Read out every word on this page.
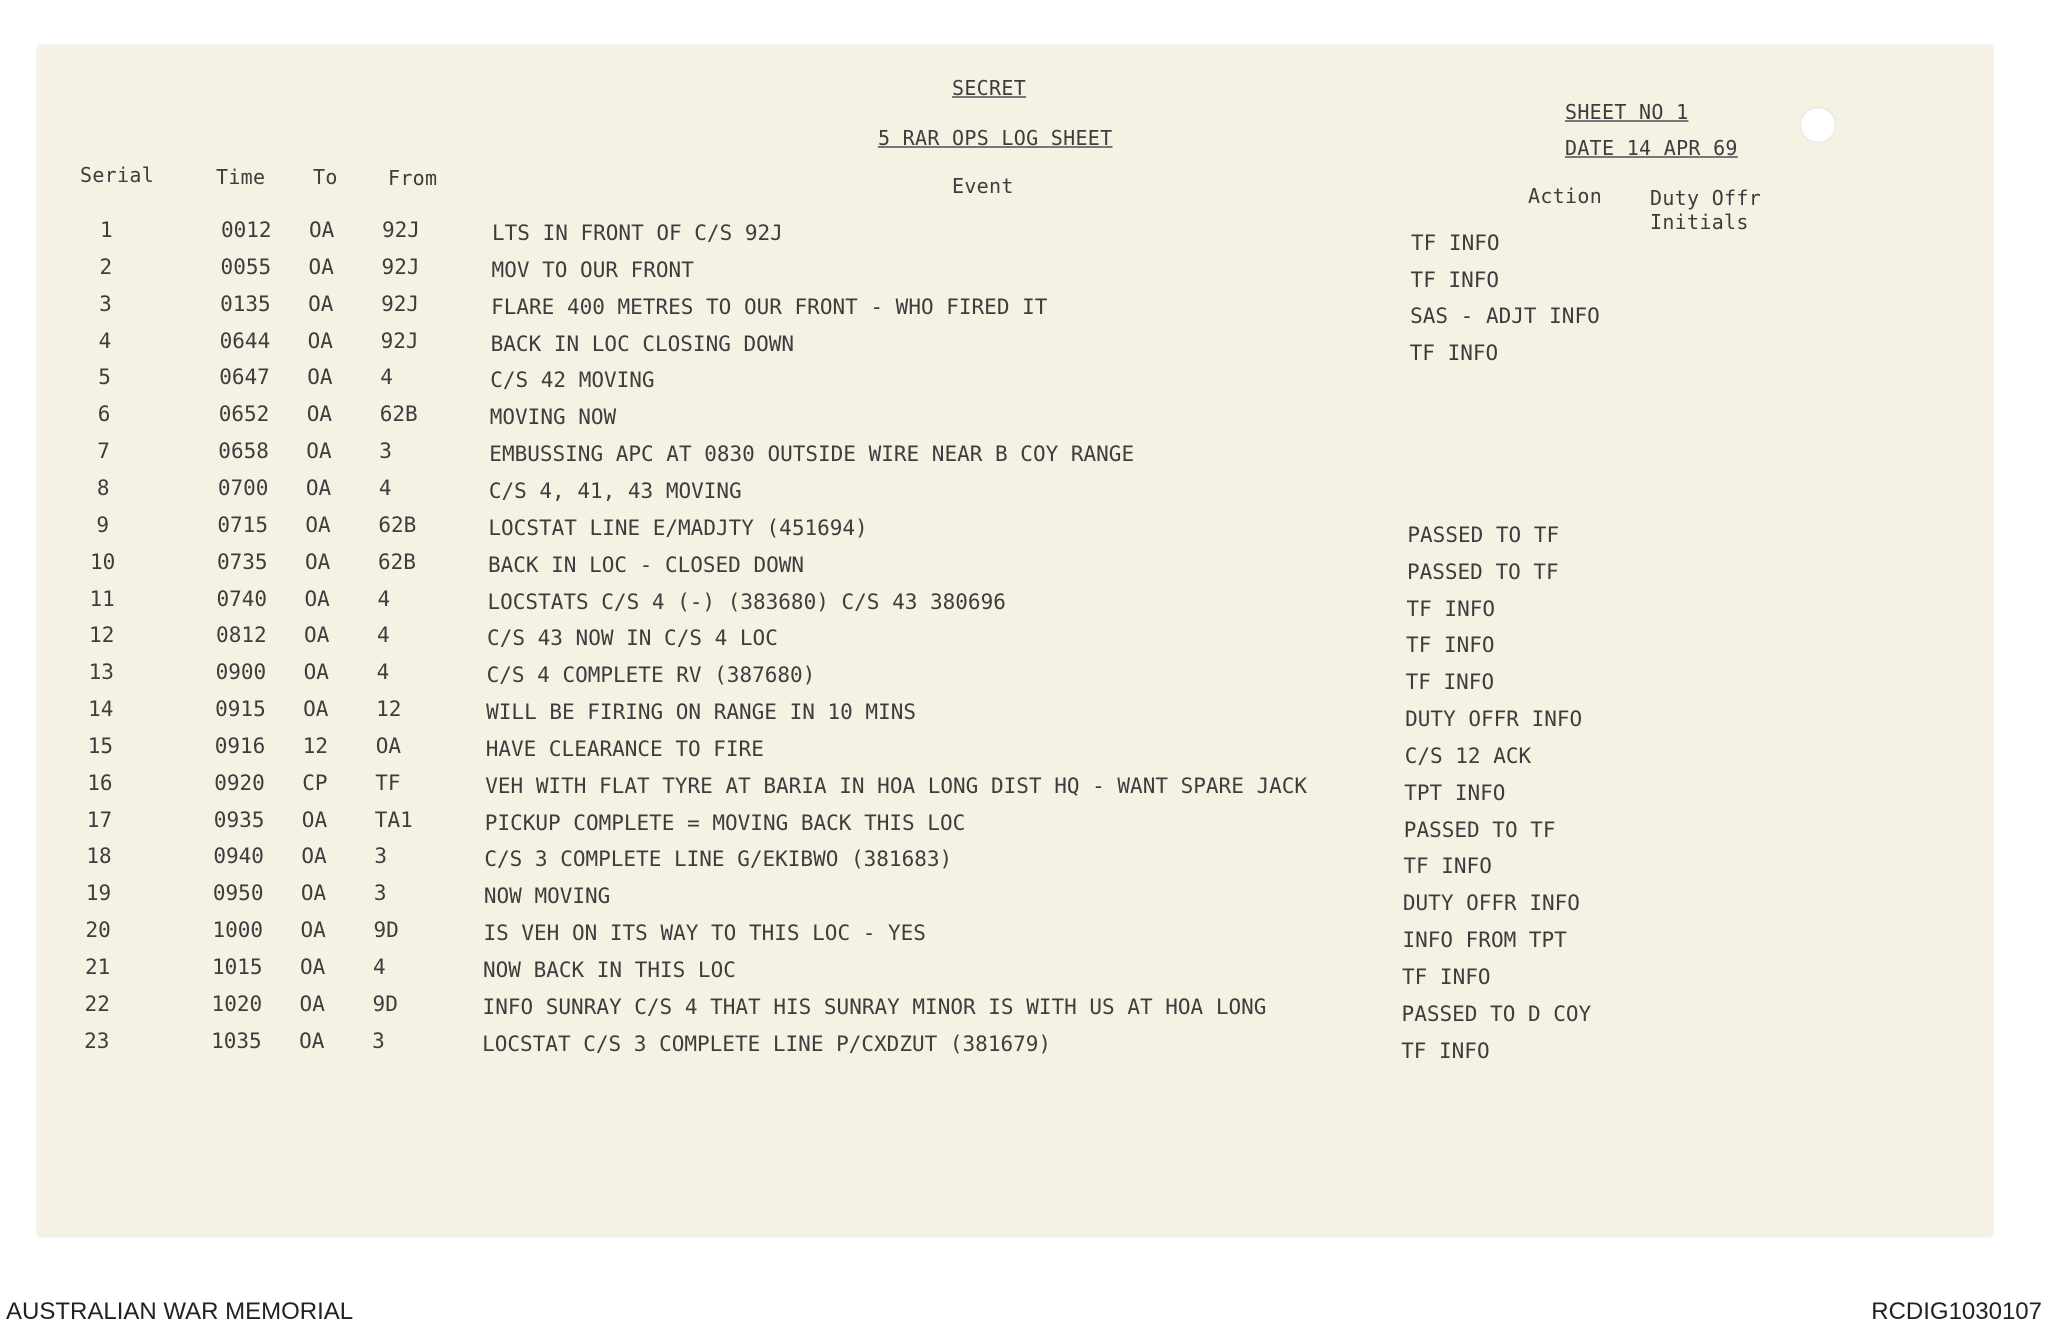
SECRET
5 RAR OPS LOG SHEET
SHEET NO 1
DATE 14 APR 69
Serial	Time To	From	Event	Action Duty Offr
Initials
1	0012 OA 92J	LTS IN FRONT OF C/S 92J	TF INFO
2	0055 OA 92J	MOV TO OUR FRONT	TF INFO
3	0135 OA 92J	FLARE 400 METRES TO OUR FRONT - WHO FIRED IT	SAS - ADJT INFO
4	0644 OA 92J	BACK IN LOC CLOSING DOWN	TF INFO
5	0647 OA 4	C/S 42 MOVING
6	0652 OA 62B	MOVING NOW
7	0658 OA 3	EMBUSSING APC AT 0830 OUTSIDE WIRE NEAR B COY RANGE
8	0700 OA 4	C/S 4, 41, 43 MOVING
9	0715 OA 62B	LOCSTAT LINE E/MADJTY (451694)	PASSED TO TF
10	0735 OA 62B	BACK IN LOC - CLOSED DOWN	PASSED TO TF
11	0740 OA 4	LOCSTATS C/S 4 (-) (383680) C/S 43 380696	TF INFO
12	0812 OA 4	C/S 43 NOW IN C/S 4 LOC	TF INFO
13	0900 OA 4	C/S 4 COMPLETE RV (387680)	TF INFO
14	0915 OA 12	WILL BE FIRING ON RANGE IN 10 MINS	DUTY OFFR INFO
15	0916 12 OA	HAVE CLEARANCE TO FIRE	C/S 12 ACK
16	0920 CP TF	VEH WITH FLAT TYRE AT BARIA IN HOA LONG DIST HQ - WANT SPARE JACK	TPT INFO
17	0935 OA TA1	PICKUP COMPLETE = MOVING BACK THIS LOC	PASSED TO TF
18	0940 OA 3	C/S 3 COMPLETE LINE G/EKIBWO (381683)	TF INFO
19	0950 OA 3	NOW MOVING	DUTY OFFR INFO
20	1000 OA 9D	IS VEH ON ITS WAY TO THIS LOC - YES	INFO FROM TPT
21	1015 OA 4	NOW BACK IN THIS LOC	TF INFO
22	1020 OA 9D	INFO SUNRAY C/S 4 THAT HIS SUNRAY MINOR IS WITH US AT HOA LONG	PASSED TO D COY
23	1035 OA 3	LOCSTAT C/S 3 COMPLETE LINE P/CXDZUT (381679)	TF INFO
AUSTRALIAN WAR MEMORIAL	RCDIG1030107
